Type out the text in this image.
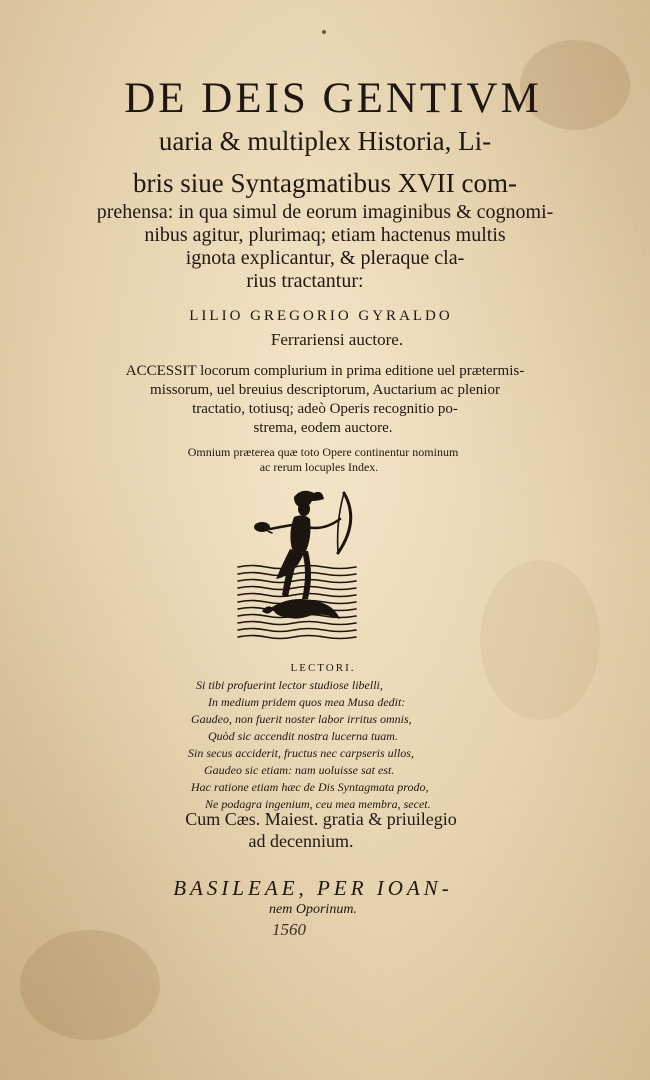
DE DEIS GENTIVM
uaria & multiplex Historia, Li-
bris siue Syntagmatibus XVII com-
prehensa: in qua simul de eorum imaginibus & cognomi-
nibus agitur, plurimaq; etiam hactenus multis
ignota explicantur, & pleraque cla-
rius tractantur:
LILIO GREGORIO GYRALDO
Ferrariensi auctore.
ACCESSIT locorum complurium in prima editione uel prætermis-
missorum, uel breuius descriptorum, Auctarium ac plenior
tractatio, totiusq; adeò Operis recognitio po-
strema, eodem auctore.
Omnium præterea quæ toto Opere continentur nominum
ac rerum locuples Index.
LECTORI.
Si tibi profuerint lector studiose libelli,
In medium pridem quos mea Musa dedit:
Gaudeo, non fuerit noster labor irritus omnis,
Quòd sic accendit nostra lucerna tuam.
Sin secus acciderit, fructus nec carpseris ullos,
Gaudeo sic etiam: nam uoluisse sat est.
Hac ratione etiam hæc de Dis Syntagmata prodo,
Ne podagra ingenium, ceu mea membra, secet.
Cum Cæs. Maiest. gratia & priuilegio
ad decennium.
BASILEAE, PER IOAN-
nem Oporinum.
1560
